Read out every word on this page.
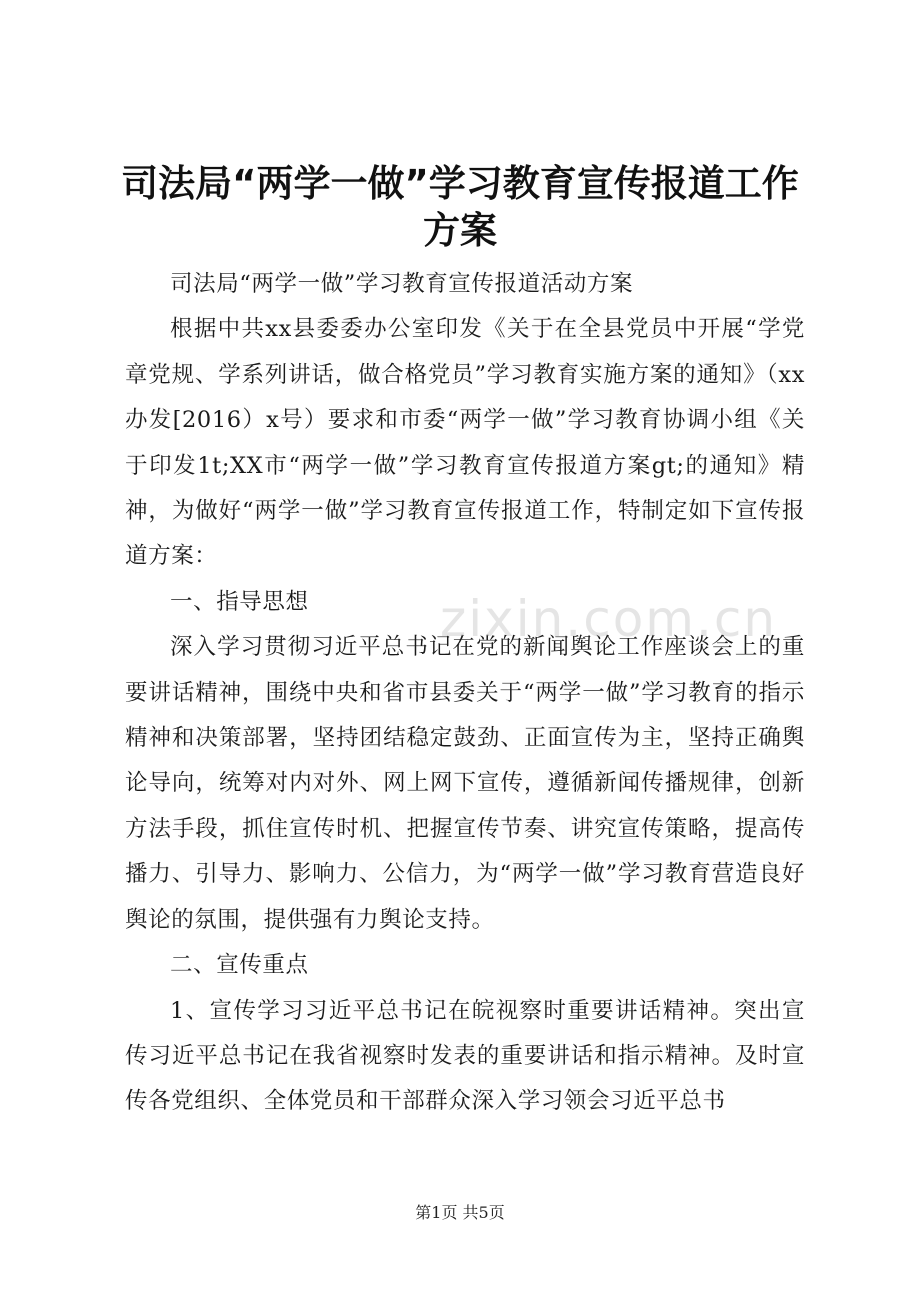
司法局“两学一做”学习教育宣传报道工作方案

司法局“两学一做”学习教育宣传报道活动方案

根据中共xx县委委办公室印发《关于在全县党员中开展“学党章党规、学系列讲话，做合格党员”学习教育实施方案的通知》（xx办发[2016）x号）要求和市委“两学一做”学习教育协调小组《关于印发1t;XX市“两学一做”学习教育宣传报道方案gt;的通知》精神，为做好“两学一做”学习教育宣传报道工作，特制定如下宣传报道方案：

一、指导思想

深入学习贯彻习近平总书记在党的新闻舆论工作座谈会上的重要讲话精神，围绕中央和省市县委关于“两学一做”学习教育的指示精神和决策部署，坚持团结稳定鼓劲、正面宣传为主，坚持正确舆论导向，统筹对内对外、网上网下宣传，遵循新闻传播规律，创新方法手段，抓住宣传时机、把握宣传节奏、讲究宣传策略，提高传播力、引导力、影响力、公信力，为“两学一做”学习教育营造良好舆论的氛围，提供强有力舆论支持。

二、宣传重点

1、宣传学习习近平总书记在皖视察时重要讲话精神。突出宣传习近平总书记在我省视察时发表的重要讲话和指示精神。及时宣传各党组织、全体党员和干部群众深入学习领会习近平总书

zixin.com.cn
第1页 共5页
